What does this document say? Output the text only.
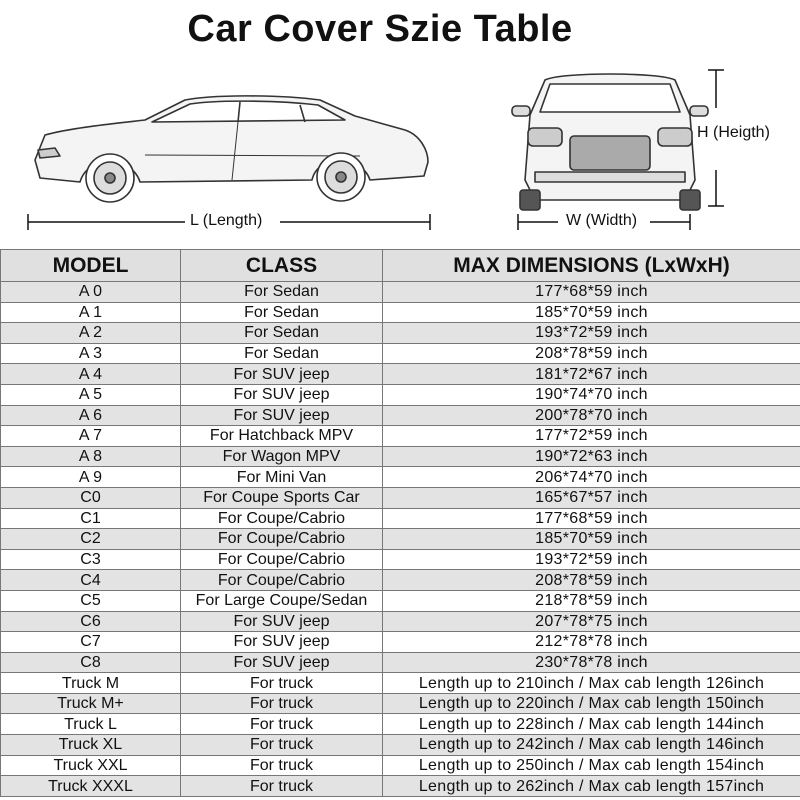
Car Cover Szie Table
L (Length)	W (Width)
H (Heigth)
MODEL	CLASS	MAX DIMENSIONS (LxWxH)
A 0	For Sedan	177*68*59 inch
A 1	For Sedan	185*70*59 inch
A 2	For Sedan	193*72*59 inch
A 3	For Sedan	208*78*59 inch
A 4	For SUV jeep	181*72*67 inch
A 5	For SUV jeep	190*74*70 inch
A 6	For SUV jeep	200*78*70 inch
A 7	For Hatchback MPV	177*72*59 inch
A 8	For Wagon MPV	190*72*63 inch
A 9	For Mini Van	206*74*70 inch
C0	For Coupe Sports Car	165*67*57 inch
C1	For Coupe/Cabrio	177*68*59 inch
C2	For Coupe/Cabrio	185*70*59 inch
C3	For Coupe/Cabrio	193*72*59 inch
C4	For Coupe/Cabrio	208*78*59 inch
C5	For Large Coupe/Sedan	218*78*59 inch
C6	For SUV jeep	207*78*75 inch
C7	For SUV jeep	212*78*78 inch
C8	For SUV jeep	230*78*78 inch
Truck M	For truck	Length up to 210inch / Max cab length 126inch
Truck M+	For truck	Length up to 220inch / Max cab length 150inch
Truck L	For truck	Length up to 228inch / Max cab length 144inch
Truck XL	For truck	Length up to 242inch / Max cab length 146inch
Truck XXL	For truck	Length up to 250inch / Max cab length 154inch
Truck XXXL	For truck	Length up to 262inch / Max cab length 157inch
